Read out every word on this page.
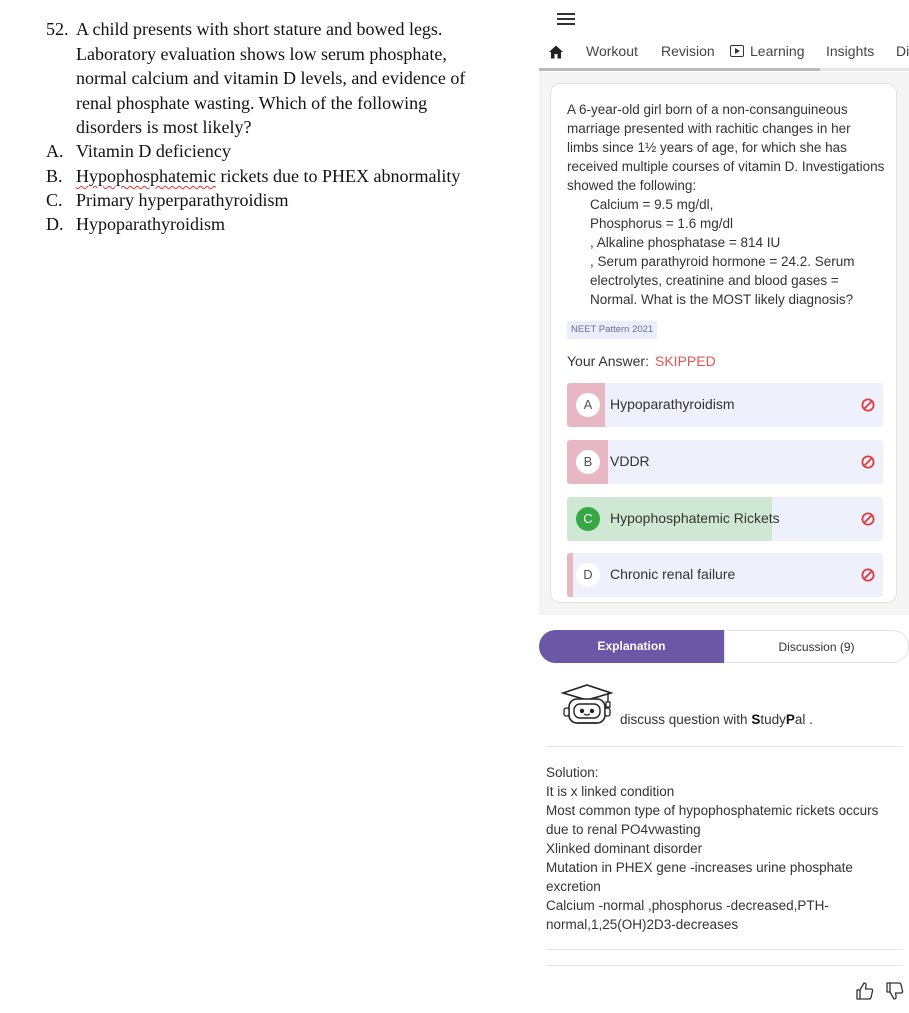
52. A child presents with short stature and bowed legs. Laboratory evaluation shows low serum phosphate, normal calcium and vitamin D levels, and evidence of renal phosphate wasting. Which of the following disorders is most likely?
A. Vitamin D deficiency
B. Hypophosphatemic rickets due to PHEX abnormality
C. Primary hyperparathyroidism
D. Hypoparathyroidism
Workout Revision	Learning Insights Di
A 6-year-old girl born of a non-consanguineous marriage presented with rachitic changes in her limbs since 1½ years of age, for which she has received multiple courses of vitamin D. Investigations showed the following:
Calcium = 9.5 mg/dl,
Phosphorus = 1.6 mg/dl
, Alkaline phosphatase = 814 IU
, Serum parathyroid hormone = 24.2. Serum electrolytes, creatinine and blood gases = Normal. What is the MOST likely diagnosis?
NEET Pattern 2021
Your Answer: SKIPPED
A	Hypoparathyroidism
B	VDDR
C	Hypophosphatemic Rickets
D	Chronic renal failure
Explanation	Discussion (9)
discuss question with StudyPal .
Solution:
It is x linked condition
Most common type of hypophosphatemic rickets occurs due to renal PO4vwasting
Xlinked dominant disorder
Mutation in PHEX gene -increases urine phosphate excretion
Calcium -normal ,phosphorus -decreased,PTH-normal,1,25(OH)2D3-decreases
